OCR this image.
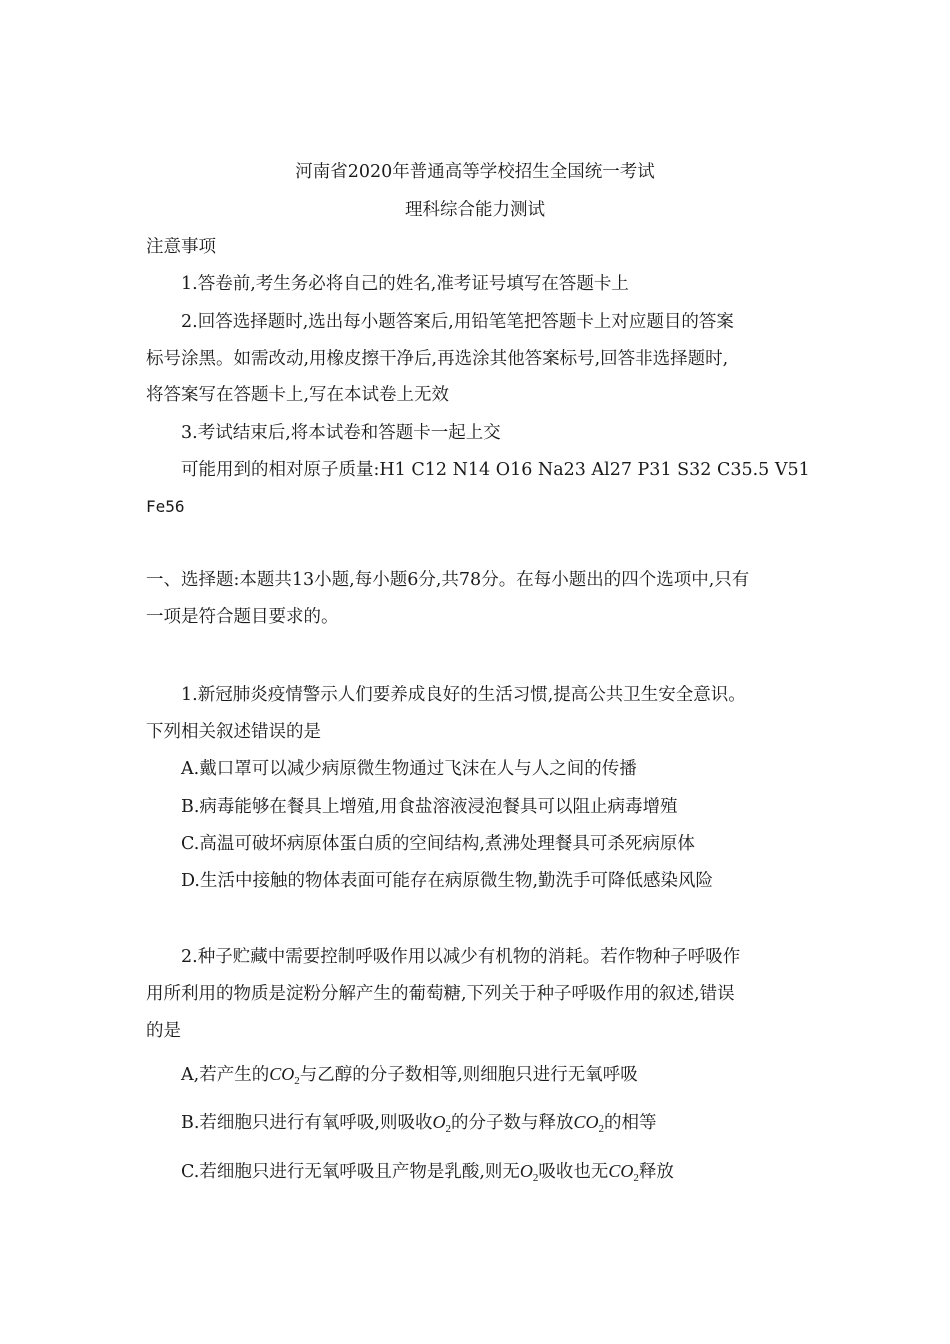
河南省2020年普通高等学校招生全国统一考试
理科综合能力测试
注意事项
1.答卷前,考生务必将自己的姓名,准考证号填写在答题卡上
2.回答选择题时,选出每小题答案后,用铅笔笔把答题卡上对应题目的答案
标号涂黑。如需改动,用橡皮擦干净后,再选涂其他答案标号,回答非选择题时,
将答案写在答题卡上,写在本试卷上无效
3.考试结束后,将本试卷和答题卡一起上交
可能用到的相对原子质量:H1 C12 N14 O16 Na23 Al27 P31 S32 C35.5 V51
Fe56
一、选择题:本题共13小题,每小题6分,共78分。在每小题出的四个选项中,只有
一项是符合题目要求的。
1.新冠肺炎疫情警示人们要养成良好的生活习惯,提高公共卫生安全意识。
下列相关叙述错误的是
A.戴口罩可以减少病原微生物通过飞沫在人与人之间的传播
B.病毒能够在餐具上增殖,用食盐溶液浸泡餐具可以阻止病毒增殖
C.高温可破坏病原体蛋白质的空间结构,煮沸处理餐具可杀死病原体
D.生活中接触的物体表面可能存在病原微生物,勤洗手可降低感染风险
2.种子贮藏中需要控制呼吸作用以减少有机物的消耗。若作物种子呼吸作
用所利用的物质是淀粉分解产生的葡萄糖,下列关于种子呼吸作用的叙述,错误
的是
A,若产生的$CO_2$与乙醇的分子数相等,则细胞只进行无氧呼吸
B.若细胞只进行有氧呼吸,则吸收$O_2$的分子数与释放$CO_2$的相等
C.若细胞只进行无氧呼吸且产物是乳酸,则无$O_2$吸收也无$CO_2$释放
